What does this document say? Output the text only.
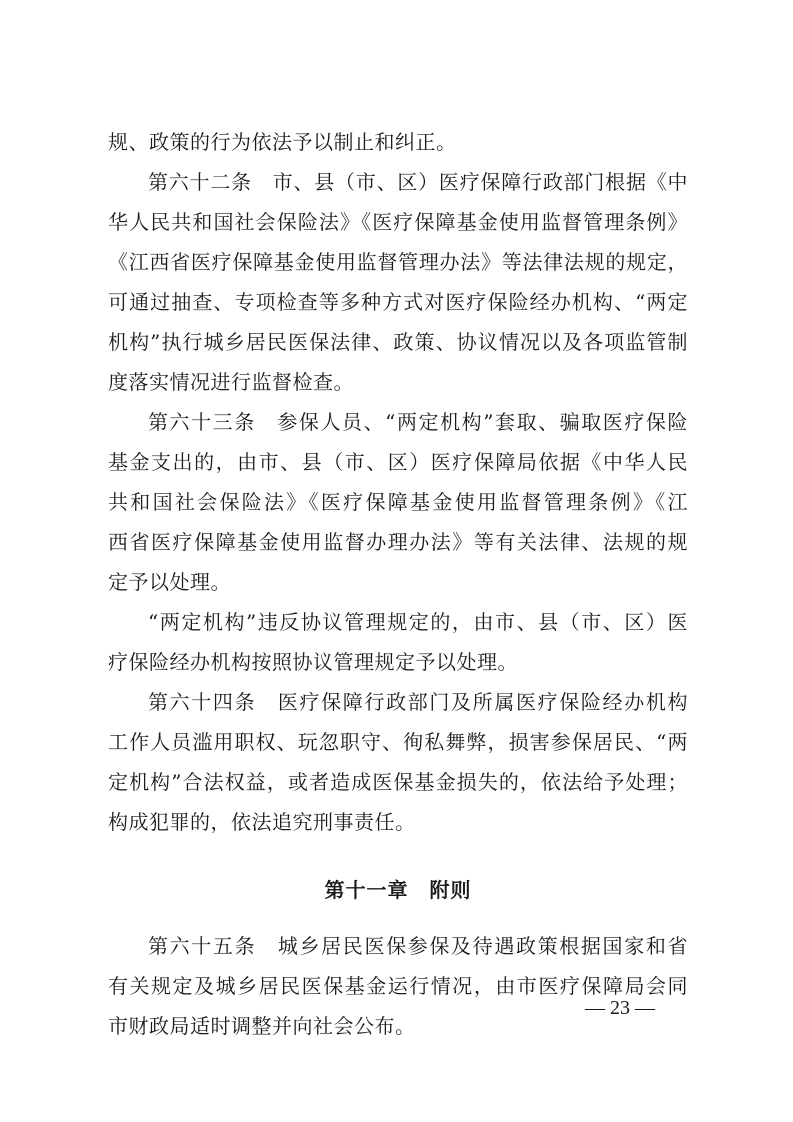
规、政策的行为依法予以制止和纠正。
第六十二条　市、县（市、区）医疗保障行政部门根据《中
华人民共和国社会保险法》《医疗保障基金使用监督管理条例》
《江西省医疗保障基金使用监督管理办法》等法律法规的规定，
可通过抽查、专项检查等多种方式对医疗保险经办机构、“两定
机构”执行城乡居民医保法律、政策、协议情况以及各项监管制
度落实情况进行监督检查。
第六十三条　参保人员、“两定机构”套取、骗取医疗保险
基金支出的，由市、县（市、区）医疗保障局依据《中华人民
共和国社会保险法》《医疗保障基金使用监督管理条例》《江
西省医疗保障基金使用监督办理办法》等有关法律、法规的规
定予以处理。
“两定机构”违反协议管理规定的，由市、县（市、区）医
疗保险经办机构按照协议管理规定予以处理。
第六十四条　医疗保障行政部门及所属医疗保险经办机构
工作人员滥用职权、玩忽职守、徇私舞弊，损害参保居民、“两
定机构”合法权益，或者造成医保基金损失的，依法给予处理；
构成犯罪的，依法追究刑事责任。
第十一章　附则
第六十五条　城乡居民医保参保及待遇政策根据国家和省
有关规定及城乡居民医保基金运行情况，由市医疗保障局会同
市财政局适时调整并向社会公布。
— 23 —
